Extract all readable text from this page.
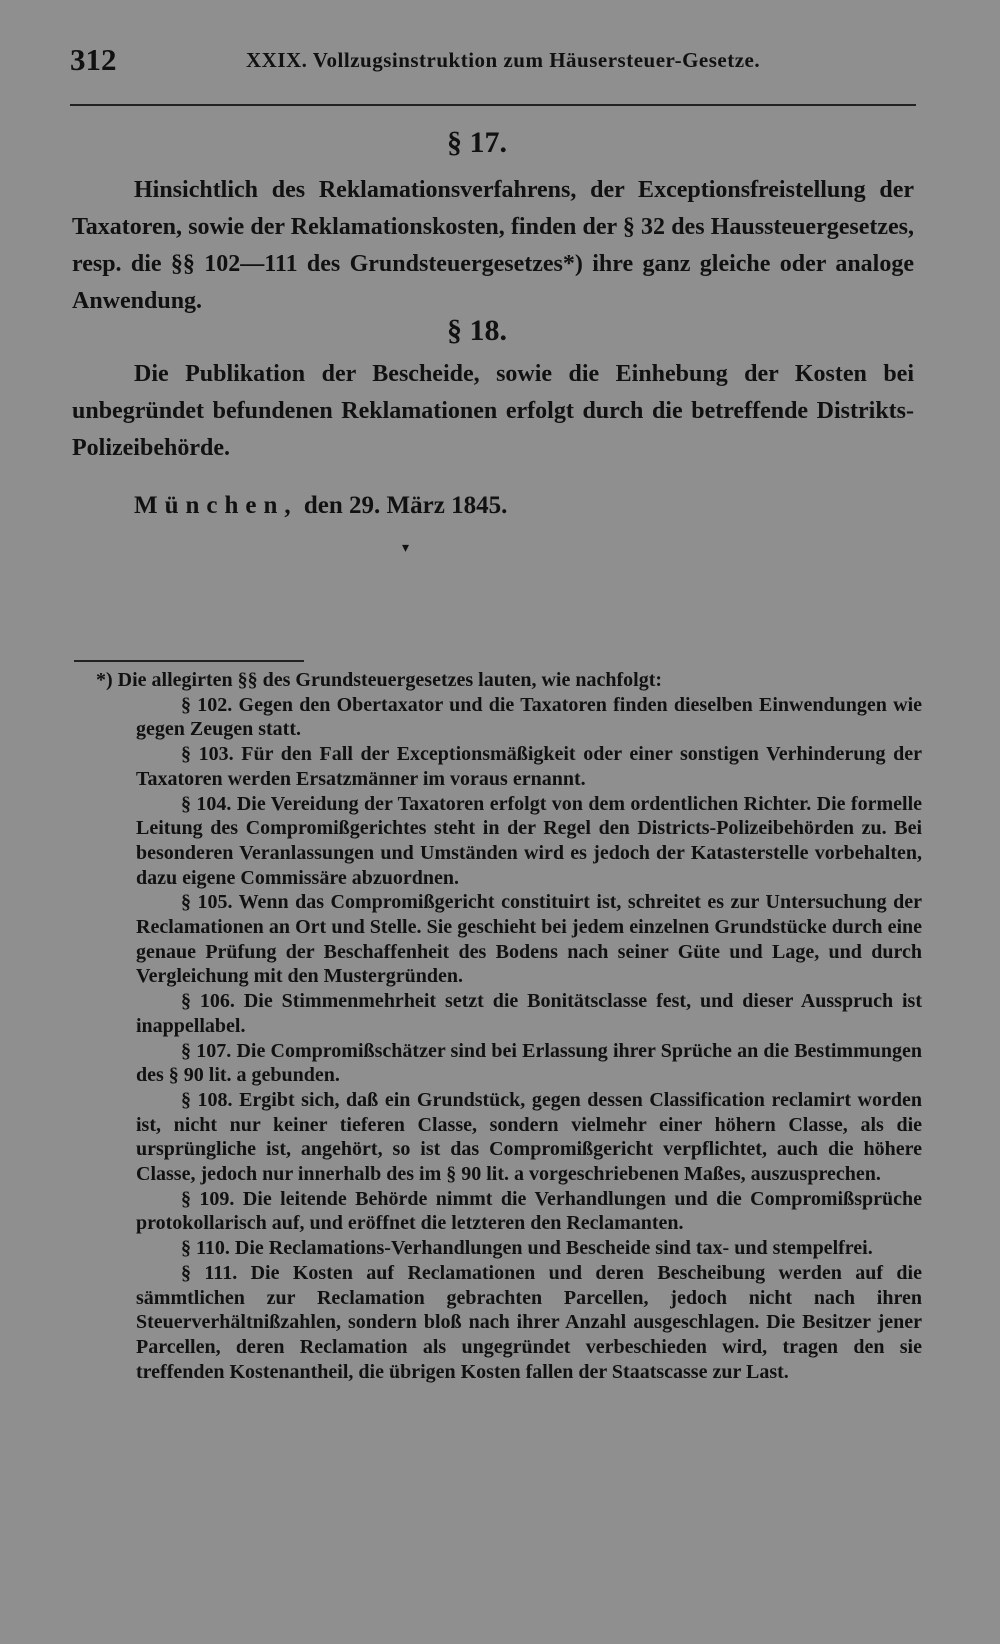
312	XXIX. Vollzugsinstruktion zum Häusersteuer-Gesetze.
§ 17.
Hinsichtlich des Reklamationsverfahrens, der Exceptionsfreistellung der Taxatoren, sowie der Reklamationskosten, finden der § 32 des Haussteuergesetzes, resp. die §§ 102—111 des Grundsteuergesetzes*) ihre ganz gleiche oder analoge Anwendung.
§ 18.
Die Publikation der Bescheide, sowie die Einhebung der Kosten bei unbegründet befundenen Reklamationen erfolgt durch die betreffende Distrikts-Polizeibehörde.
München, den 29. März 1845.
▾

*) Die allegirten §§ des Grundsteuergesetzes lauten, wie nachfolgt:

§ 102. Gegen den Obertaxator und die Taxatoren finden dieselben Einwendungen wie gegen Zeugen statt.

§ 103. Für den Fall der Exceptionsmäßigkeit oder einer sonstigen Verhinderung der Taxatoren werden Ersatzmänner im voraus ernannt.

§ 104. Die Vereidung der Taxatoren erfolgt von dem ordentlichen Richter. Die formelle Leitung des Compromißgerichtes steht in der Regel den Districts-Polizeibehörden zu. Bei besonderen Veranlassungen und Umständen wird es jedoch der Katasterstelle vorbehalten, dazu eigene Commissäre abzuordnen.

§ 105. Wenn das Compromißgericht constituirt ist, schreitet es zur Untersuchung der Reclamationen an Ort und Stelle. Sie geschieht bei jedem einzelnen Grundstücke durch eine genaue Prüfung der Beschaffenheit des Bodens nach seiner Güte und Lage, und durch Vergleichung mit den Mustergründen.

§ 106. Die Stimmenmehrheit setzt die Bonitätsclasse fest, und dieser Ausspruch ist inappellabel.

§ 107. Die Compromißschätzer sind bei Erlassung ihrer Sprüche an die Bestimmungen des § 90 lit. a gebunden.

§ 108. Ergibt sich, daß ein Grundstück, gegen dessen Classification reclamirt worden ist, nicht nur keiner tieferen Classe, sondern vielmehr einer höhern Classe, als die ursprüngliche ist, angehört, so ist das Compromißgericht verpflichtet, auch die höhere Classe, jedoch nur innerhalb des im § 90 lit. a vorgeschriebenen Maßes, auszusprechen.

§ 109. Die leitende Behörde nimmt die Verhandlungen und die Compromißsprüche protokollarisch auf, und eröffnet die letzteren den Reclamanten.

§ 110. Die Reclamations-Verhandlungen und Bescheide sind tax- und stempelfrei.

§ 111. Die Kosten auf Reclamationen und deren Bescheibung werden auf die sämmtlichen zur Reclamation gebrachten Parcellen, jedoch nicht nach ihren Steuerverhältnißzahlen, sondern bloß nach ihrer Anzahl ausgeschlagen. Die Besitzer jener Parcellen, deren Reclamation als ungegründet verbeschieden wird, tragen den sie treffenden Kostenantheil, die übrigen Kosten fallen der Staatscasse zur Last.
